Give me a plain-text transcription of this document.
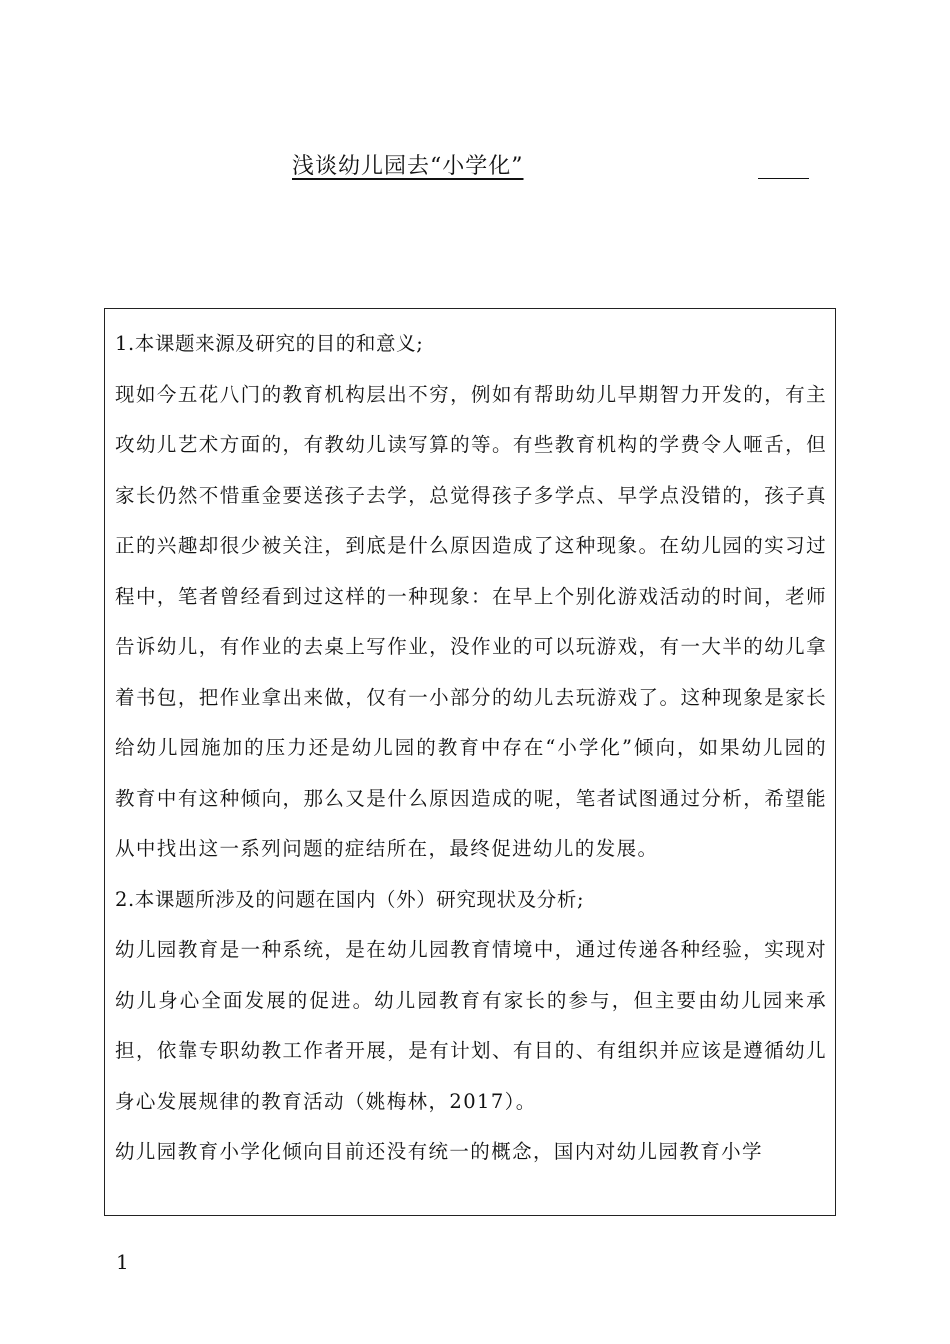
浅谈幼儿园去“小学化”

1.本课题来源及研究的目的和意义;

现如今五花八门的教育机构层出不穷，例如有帮助幼儿早期智力开发的，有主攻幼儿艺术方面的，有教幼儿读写算的等。有些教育机构的学费令人咂舌，但家长仍然不惜重金要送孩子去学，总觉得孩子多学点、早学点没错的，孩子真正的兴趣却很少被关注，到底是什么原因造成了这种现象。在幼儿园的实习过程中，笔者曾经看到过这样的一种现象：在早上个别化游戏活动的时间，老师告诉幼儿，有作业的去桌上写作业，没作业的可以玩游戏，有一大半的幼儿拿着书包，把作业拿出来做，仅有一小部分的幼儿去玩游戏了。这种现象是家长给幼儿园施加的压力还是幼儿园的教育中存在“小学化”倾向，如果幼儿园的教育中有这种倾向，那么又是什么原因造成的呢，笔者试图通过分析，希望能从中找出这一系列问题的症结所在，最终促进幼儿的发展。

2.本课题所涉及的问题在国内（外）研究现状及分析;

幼儿园教育是一种系统，是在幼儿园教育情境中，通过传递各种经验，实现对幼儿身心全面发展的促进。幼儿园教育有家长的参与，但主要由幼儿园来承担，依靠专职幼教工作者开展，是有计划、有目的、有组织并应该是遵循幼儿身心发展规律的教育活动（姚梅林，2017）。

幼儿园教育小学化倾向目前还没有统一的概念，国内对幼儿园教育小学

1
